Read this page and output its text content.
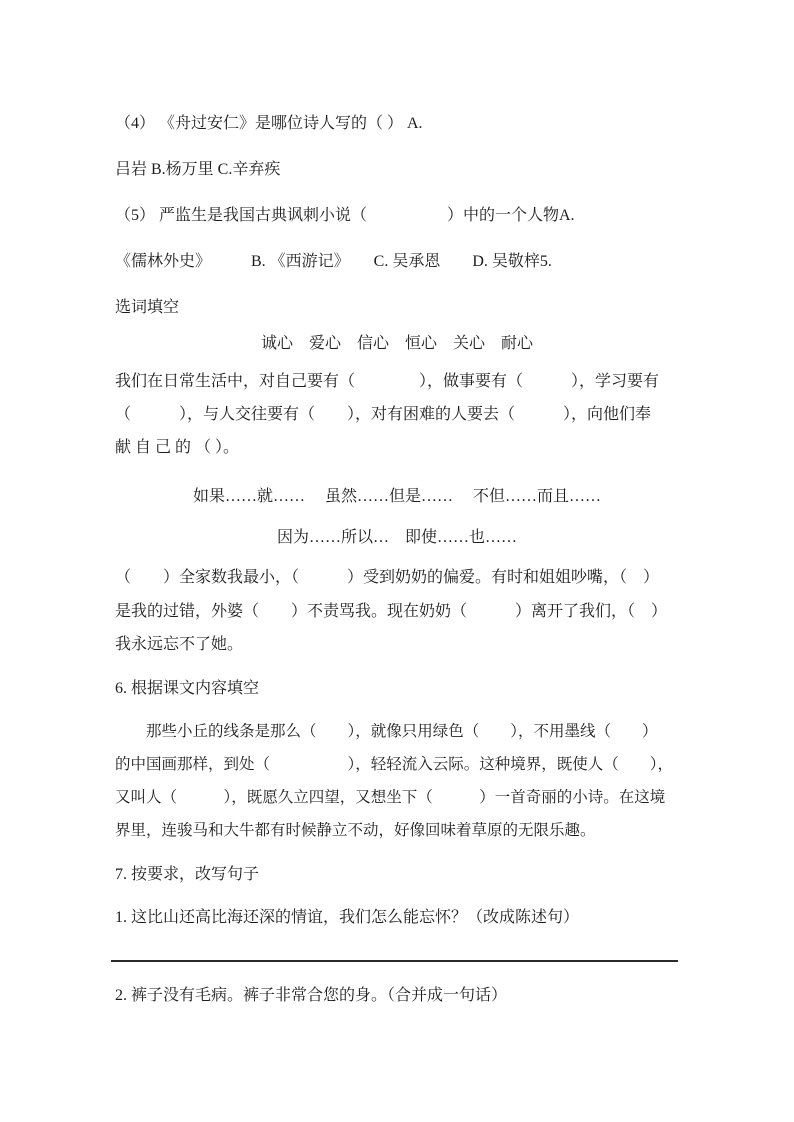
（4） 《舟过安仁》是哪位诗人写的（ ） A.
吕岩 B.杨万里 C.辛弃疾
（5） 严监生是我国古典讽刺小说（　　　　　）中的一个人物A.
《儒林外史》　　　B. 《西游记》　　C. 吴承恩　　D. 吴敬梓5.
选词填空
诚心　爱心　信心　恒心　关心　耐心
我们在日常生活中，对自己要有（　　　　），做事要有（　　　），学习要有
（　　　），与人交往要有（　　），对有困难的人要去（　　　），向他们奉
献 自 己 的 （ ）。
如果……就……　 虽然……但是……　 不但……而且……
因为……所以…　即使……也……
（　　）全家数我最小，（　　　）受到奶奶的偏爱。有时和姐姐吵嘴，（　）
是我的过错，外婆（　　）不责骂我。现在奶奶（　　　）离开了我们，（　）
我永远忘不了她。
6. 根据课文内容填空
　　那些小丘的线条是那么（　　），就像只用绿色（　　），不用墨线（　　）
的中国画那样，到处（　　　　　），轻轻流入云际。这种境界，既使人（　　），
又叫人（　　　），既愿久立四望，又想坐下（　　　）一首奇丽的小诗。在这境
界里，连骏马和大牛都有时候静立不动，好像回味着草原的无限乐趣。
7. 按要求，改写句子
1. 这比山还高比海还深的情谊，我们怎么能忘怀？（改成陈述句）
2. 裤子没有毛病。裤子非常合您的身。（合并成一句话）
